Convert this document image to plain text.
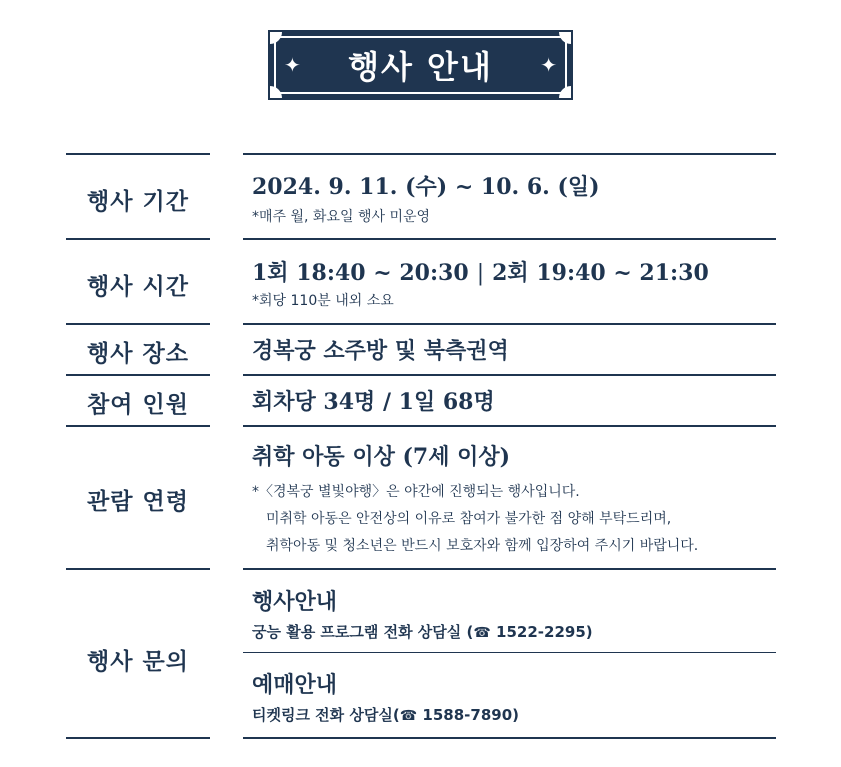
✦ 행사 안내 ✦
행사 기간
2024. 9. 11. (수) ~ 10. 6. (일)
*매주 월, 화요일 행사 미운영
행사 시간
1회 18:40 ~ 20:30 | 2회 19:40 ~ 21:30
*회당 110분 내외 소요
행사 장소	경복궁 소주방 및 북측권역
참여 인원	회차당 34명 / 1일 68명
관람 연령
취학 아동 이상 (7세 이상)
*〈경복궁 별빛야행〉은 야간에 진행되는 행사입니다.
미취학 아동은 안전상의 이유로 참여가 불가한 점 양해 부탁드리며,
취학아동 및 청소년은 반드시 보호자와 함께 입장하여 주시기 바랍니다.
행사 문의
행사안내
궁능 활용 프로그램 전화 상담실 (☎ 1522-2295)
예매안내
티켓링크 전화 상담실(☎ 1588-7890)
